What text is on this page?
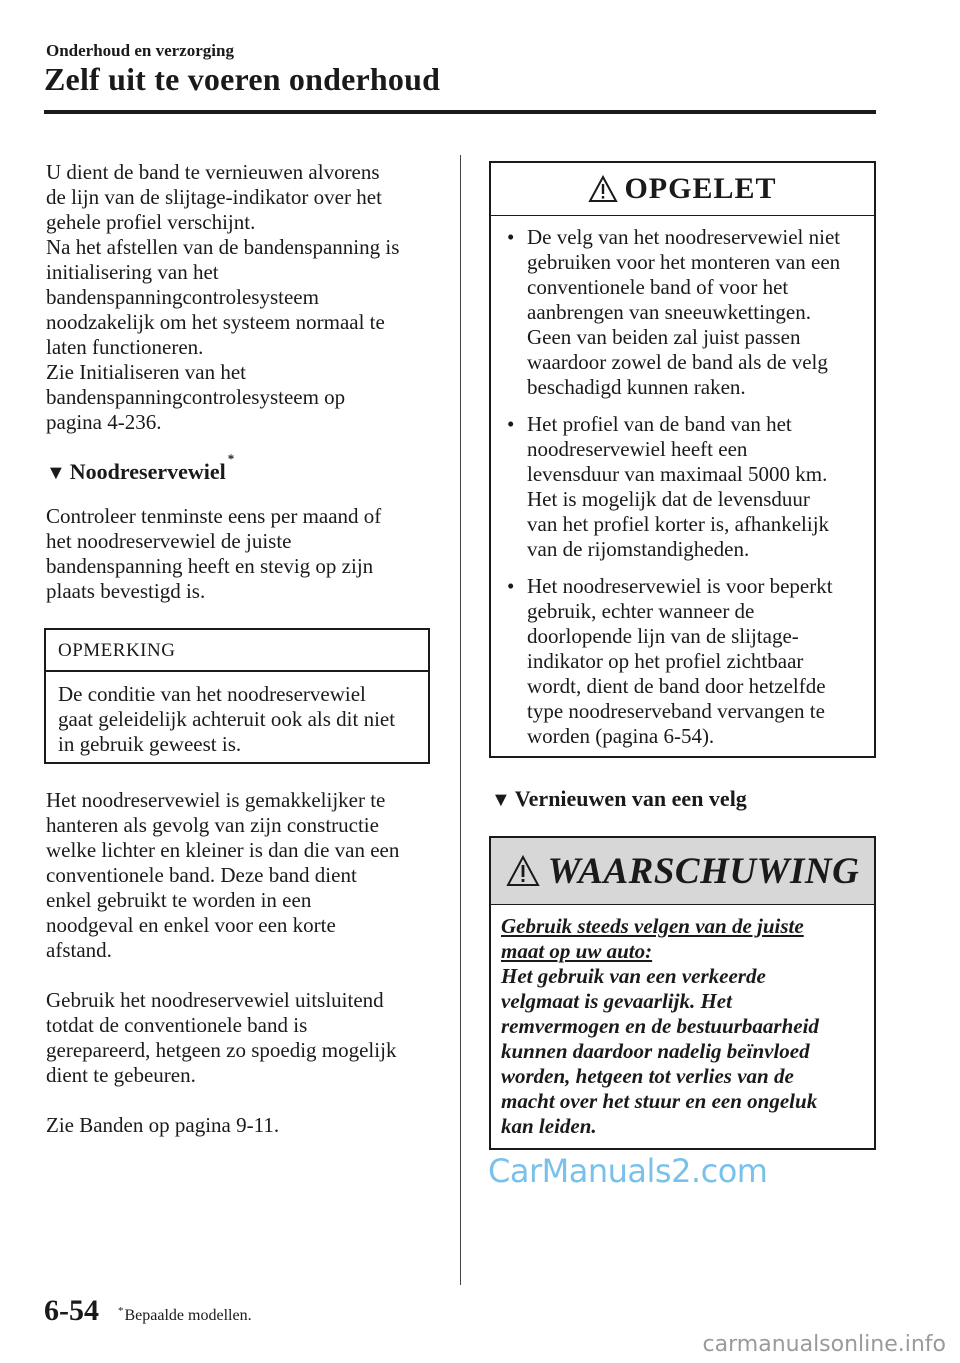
Onderhoud en verzorging
Zelf uit te voeren onderhoud

U dient de band te vernieuwen alvorens
de lijn van de slijtage-indikator over het
gehele profiel verschijnt.
Na het afstellen van de bandenspanning is
initialisering van het
bandenspanningcontrolesysteem
noodzakelijk om het systeem normaal te
laten functioneren.
Zie Initialiseren van het
bandenspanningcontrolesysteem op
pagina 4-236.

▼ Noodreservewiel
*

Controleer tenminste eens per maand of
het noodreservewiel de juiste
bandenspanning heeft en stevig op zijn
plaats bevestigd is.

OPMERKING
De conditie van het noodreservewiel
gaat geleidelijk achteruit ook als dit niet
in gebruik geweest is.

Het noodreservewiel is gemakkelijker te
hanteren als gevolg van zijn constructie
welke lichter en kleiner is dan die van een
conventionele band. Deze band dient
enkel gebruikt te worden in een
noodgeval en enkel voor een korte
afstand.

Gebruik het noodreservewiel uitsluitend
totdat de conventionele band is
gerepareerd, hetgeen zo spoedig mogelijk
dient te gebeuren.

Zie Banden op pagina 9-11.

OPGELET
• De velg van het noodreservewiel niet
gebruiken voor het monteren van een
conventionele band of voor het
aanbrengen van sneeuwkettingen.
Geen van beiden zal juist passen
waardoor zowel de band als de velg
beschadigd kunnen raken.
• Het profiel van de band van het
noodreservewiel heeft een
levensduur van maximaal 5000 km.
Het is mogelijk dat de levensduur
van het profiel korter is, afhankelijk
van de rijomstandigheden.
• Het noodreservewiel is voor beperkt
gebruik, echter wanneer de
doorlopende lijn van de slijtage-
indikator op het profiel zichtbaar
wordt, dient de band door hetzelfde
type noodreserveband vervangen te
worden (pagina 6-54).
▼ Vernieuwen van een velg
WAARSCHUWING
Gebruik steeds velgen van de juiste
maat op uw auto:
Het gebruik van een verkeerde
velgmaat is gevaarlijk. Het
remvermogen en de bestuurbaarheid
kunnen daardoor nadelig beïnvloed
worden, hetgeen tot verlies van de
macht over het stuur en een ongeluk
kan leiden.
CarManuals2.com
6-54 *Bepaalde modellen.
carmanualsonline.info
